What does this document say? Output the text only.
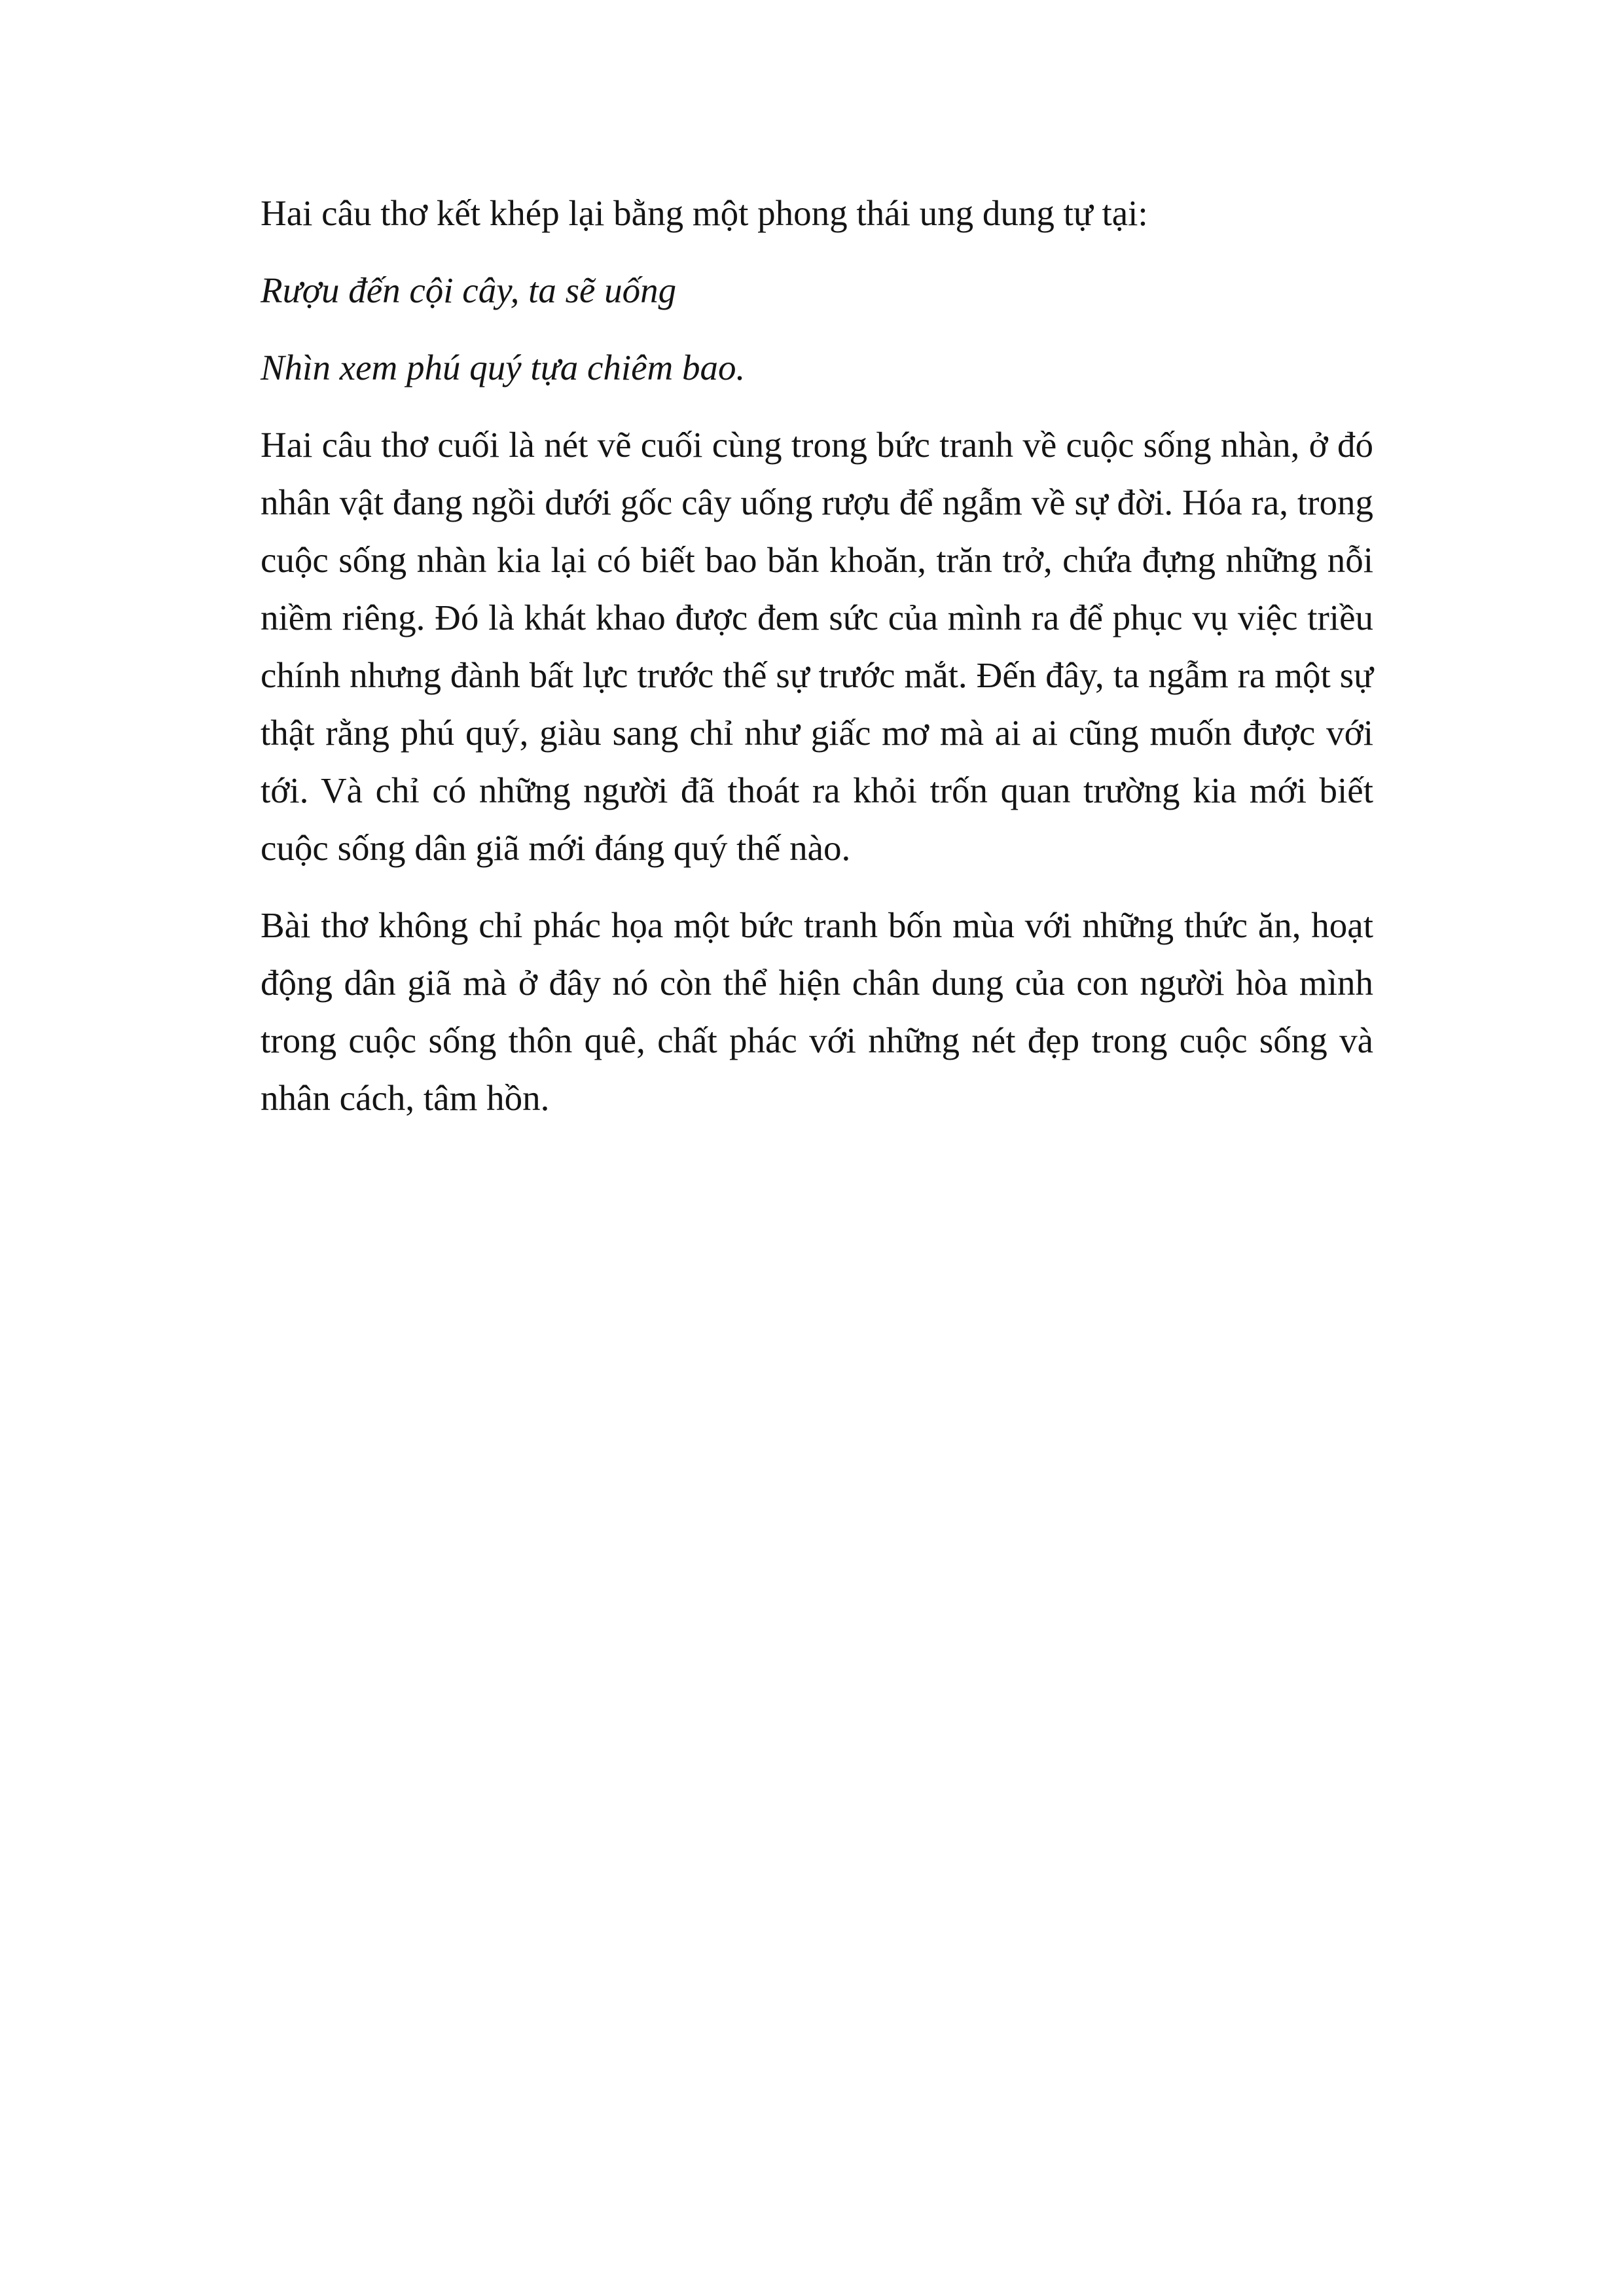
Hai câu thơ kết khép lại bằng một phong thái ung dung tự tại:

Rượu đến cội cây, ta sẽ uống

Nhìn xem phú quý tựa chiêm bao.

Hai câu thơ cuối là nét vẽ cuối cùng trong bức tranh về cuộc sống nhàn, ở đó nhân vật đang ngồi dưới gốc cây uống rượu để ngẫm về sự đời. Hóa ra, trong cuộc sống nhàn kia lại có biết bao băn khoăn, trăn trở, chứa đựng những nỗi niềm riêng. Đó là khát khao được đem sức của mình ra để phục vụ việc triều chính nhưng đành bất lực trước thế sự trước mắt. Đến đây, ta ngẫm ra một sự thật rằng phú quý, giàu sang chỉ như giấc mơ mà ai ai cũng muốn được với tới. Và chỉ có những người đã thoát ra khỏi trốn quan trường kia mới biết cuộc sống dân giã mới đáng quý thế nào.

Bài thơ không chỉ phác họa một bức tranh bốn mùa với những thức ăn, hoạt động dân giã mà ở đây nó còn thể hiện chân dung của con người hòa mình trong cuộc sống thôn quê, chất phác với những nét đẹp trong cuộc sống và nhân cách, tâm hồn.
